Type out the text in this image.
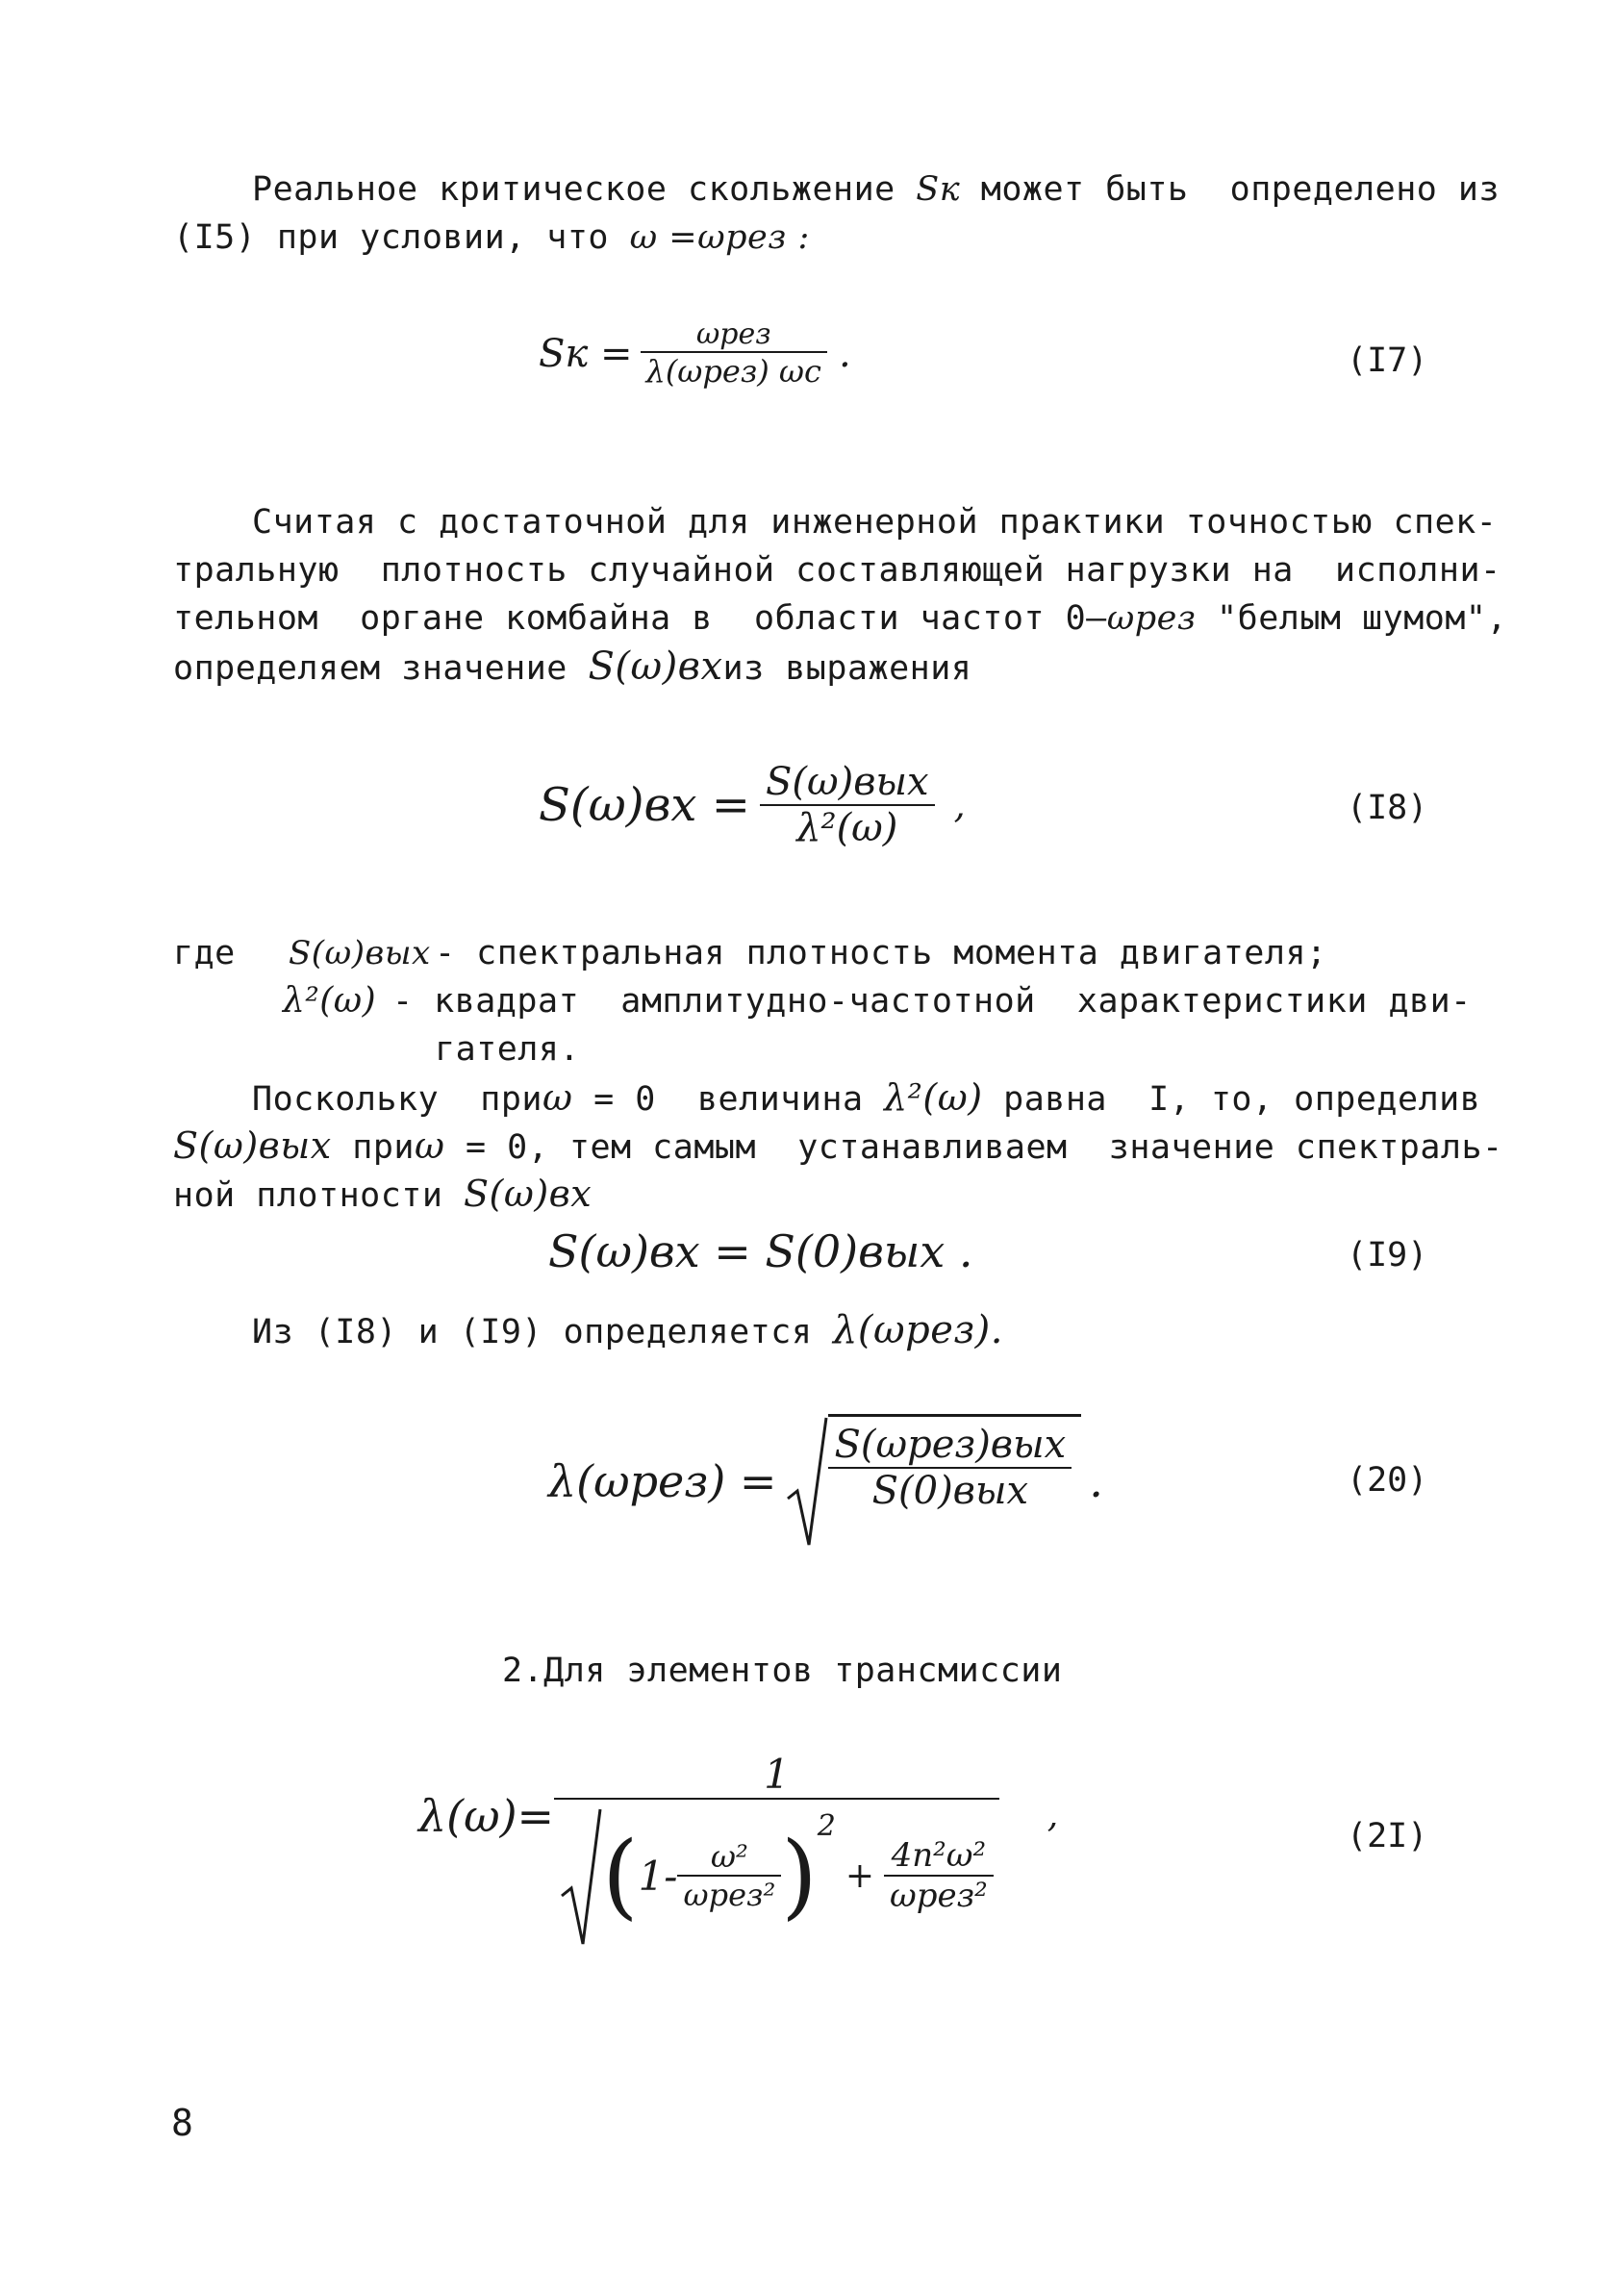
Реальное критическое скольжение Sк может быть  определено из
(I5) при условии, что ω =ωрез :
Sк = $\frac{\text{ωрез}}{\text{λ(ωрез) ωc}}$ .	(I7)
Считая с достаточной для инженерной практики точностью спек-
тральную  плотность случайной составляющей нагрузки на  исполни-
тельном  органе комбайна в  области частот 0—ωрез "белым шумом",
определяем значение S(ω)вхиз выражения
$S(\omega)вх = \frac{\text{S(ω)вых}}{\text{λ²(ω)}}$ ,	(I8)
где S(ω)вых - спектральная плотность момента двигателя;
λ²(ω) - квадрат  амплитудно-частотной  характеристики дви-
гателя.
Поскольку  приω = 0  величина λ²(ω) равна  I, то, определив
S(ω)вых приω = 0, тем самым  устанавливаем  значение спектраль-
ной плотности S(ω)вх
S(ω)вх = S(0)вых .	(I9)
Из (I8) и (I9) определяется λ(ωрез).
$\lambda(\omega рез) = \frac{\text{S(ωрез)вых}}{\text{S(0)вых}}$ .	(20)
2.Для элементов трансмиссии
λ(ω)=
1
( $1- \frac{\text{ω²}}{\text{ωрез²}}$ ) 2
+ $\frac{\text{4n²ω²}}{\text{ωрез²}}$
,
(2I)
8
